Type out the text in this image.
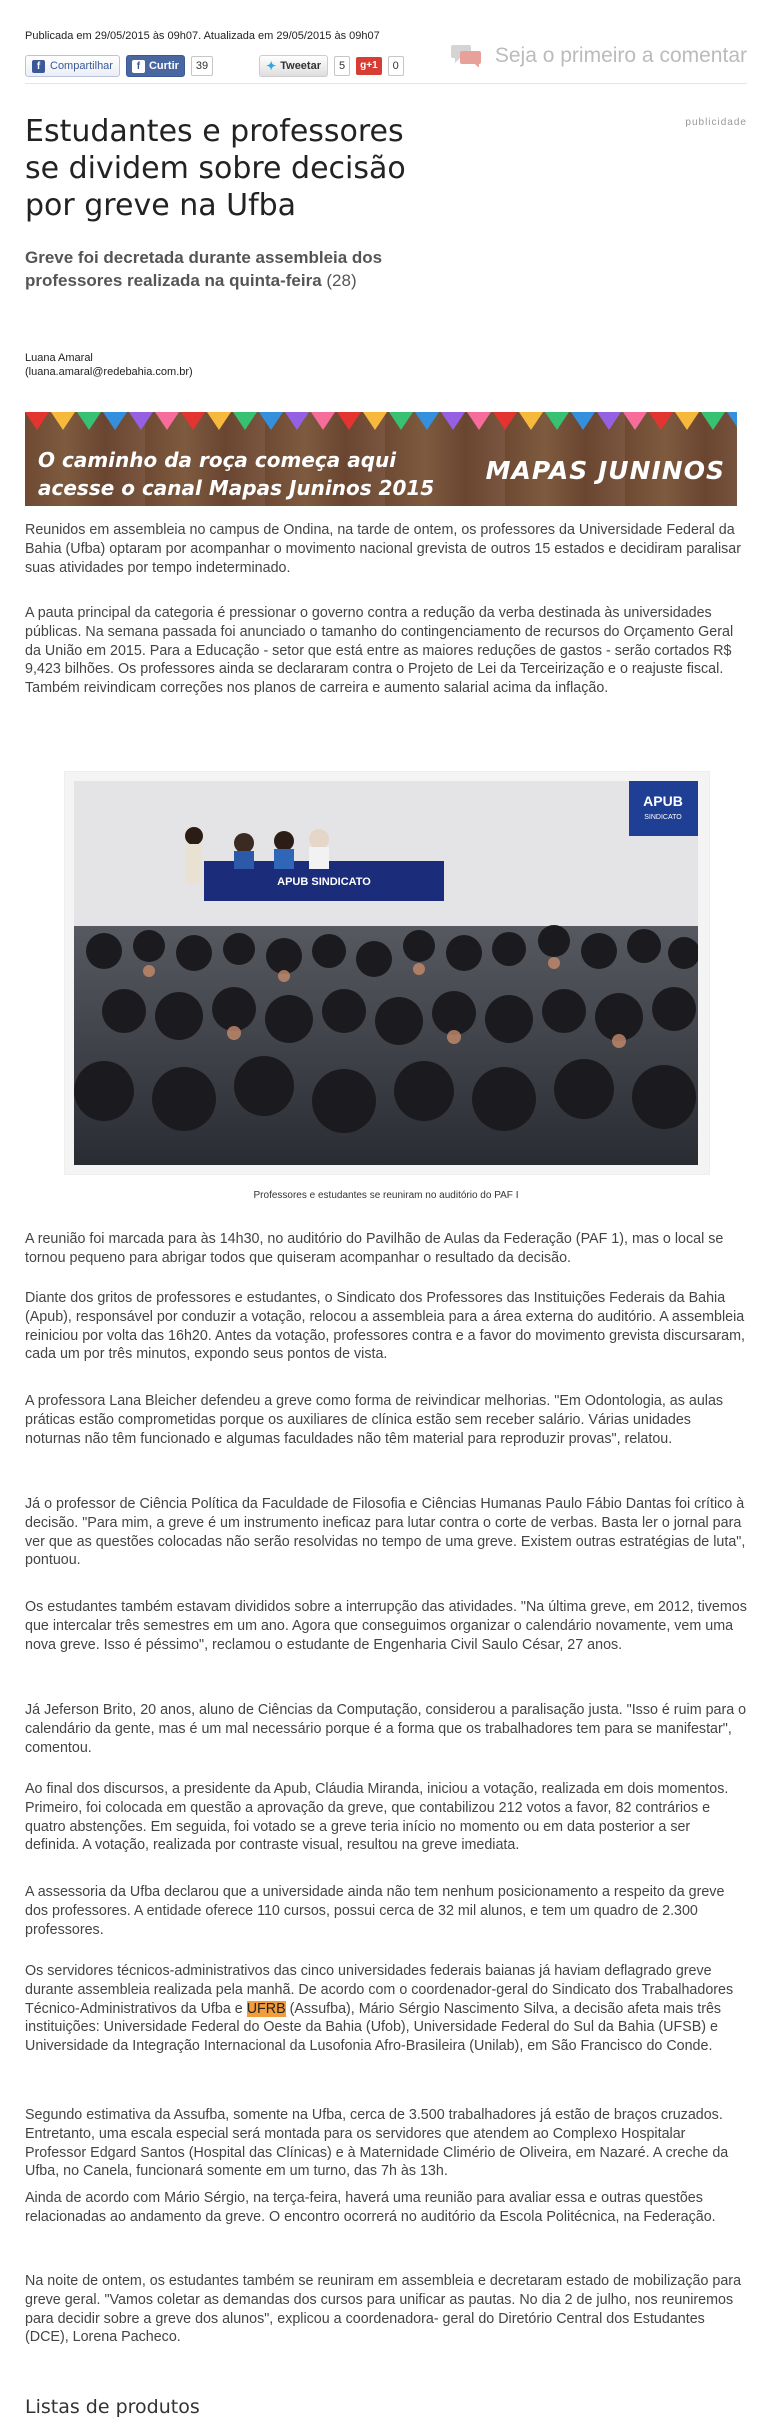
Publicada em 29/05/2015 às 09h07. Atualizada em 29/05/2015 às 09h07
f Compartilhar	f Curtir	39	✦ Tweetar	5	g+1	0	Seja o primeiro a comentar
publicidade
Estudantes e professores se dividem sobre decisão por greve na Ufba
Greve foi decretada durante assembleia dos professores realizada na quinta-feira (28)
Luana Amaral
(luana.amaral@redebahia.com.br)
O caminho da roça começa aqui
acesse o canal Mapas Juninos 2015
MAPAS JUNINOS

Reunidos em assembleia no campus de Ondina, na tarde de ontem, os professores da Universidade Federal da Bahia (Ufba) optaram por acompanhar o movimento nacional grevista de outros 15 estados e decidiram paralisar suas atividades por tempo indeterminado.

A pauta principal da categoria é pressionar o governo contra a redução da verba destinada às universidades públicas. Na semana passada foi anunciado o tamanho do contingenciamento de recursos do Orçamento Geral da União em 2015. Para a Educação - setor que está entre as maiores reduções de gastos - serão cortados R$ 9,423 bilhões. Os professores ainda se declararam contra o Projeto de Lei da Terceirização e o reajuste fiscal. Também reivindicam correções nos planos de carreira e aumento salarial acima da inflação.

APUB
SINDICATO
APUB SINDICATO
Professores e estudantes se reuniram no auditório do PAF I

A reunião foi marcada para às 14h30, no auditório do Pavilhão de Aulas da Federação (PAF 1), mas o local se tornou pequeno para abrigar todos que quiseram acompanhar o resultado da decisão.

Diante dos gritos de professores e estudantes, o Sindicato dos Professores das Instituições Federais da Bahia (Apub), responsável por conduzir a votação, relocou a assembleia para a área externa do auditório. A assembleia reiniciou por volta das 16h20. Antes da votação, professores contra e a favor do movimento grevista discursaram, cada um por três minutos, expondo seus pontos de vista.

A professora Lana Bleicher defendeu a greve como forma de reivindicar melhorias. "Em Odontologia, as aulas práticas estão comprometidas porque os auxiliares de clínica estão sem receber salário. Várias unidades noturnas não têm funcionado e algumas faculdades não têm material para reproduzir provas", relatou.

Já o professor de Ciência Política da Faculdade de Filosofia e Ciências Humanas Paulo Fábio Dantas foi crítico à decisão. "Para mim, a greve é um instrumento ineficaz para lutar contra o corte de verbas. Basta ler o jornal para ver que as questões colocadas não serão resolvidas no tempo de uma greve. Existem outras estratégias de luta", pontuou.

Os estudantes também estavam divididos sobre a interrupção das atividades. "Na última greve, em 2012, tivemos que intercalar três semestres em um ano. Agora que conseguimos organizar o calendário novamente, vem uma nova greve. Isso é péssimo", reclamou o estudante de Engenharia Civil Saulo César, 27 anos.

Já Jeferson Brito, 20 anos, aluno de Ciências da Computação, considerou a paralisação justa. "Isso é ruim para o calendário da gente, mas é um mal necessário porque é a forma que os trabalhadores tem para se manifestar", comentou.

Ao final dos discursos, a presidente da Apub, Cláudia Miranda, iniciou a votação, realizada em dois momentos. Primeiro, foi colocada em questão a aprovação da greve, que contabilizou 212 votos a favor, 82 contrários e quatro abstenções. Em seguida, foi votado se a greve teria início no momento ou em data posterior a ser definida. A votação, realizada por contraste visual, resultou na greve imediata.

A assessoria da Ufba declarou que a universidade ainda não tem nenhum posicionamento a respeito da greve dos professores. A entidade oferece 110 cursos, possui cerca de 32 mil alunos, e tem um quadro de 2.300 professores.

Os servidores técnicos-administrativos das cinco universidades federais baianas já haviam deflagrado greve durante assembleia realizada pela manhã. De acordo com o coordenador-geral do Sindicato dos Trabalhadores Técnico-Administrativos da Ufba e UFRB (Assufba), Mário Sérgio Nascimento Silva, a decisão afeta mais três instituições: Universidade Federal do Oeste da Bahia (Ufob), Universidade Federal do Sul da Bahia (UFSB) e Universidade da Integração Internacional da Lusofonia Afro-Brasileira (Unilab), em São Francisco do Conde.

Segundo estimativa da Assufba, somente na Ufba, cerca de 3.500 trabalhadores já estão de braços cruzados. Entretanto, uma escala especial será montada para os servidores que atendem ao Complexo Hospitalar Professor Edgard Santos (Hospital das Clínicas) e à Maternidade Climério de Oliveira, em Nazaré. A creche da Ufba, no Canela, funcionará somente em um turno, das 7h às 13h.

Ainda de acordo com Mário Sérgio, na terça-feira, haverá uma reunião para avaliar essa e outras questões relacionadas ao andamento da greve. O encontro ocorrerá no auditório da Escola Politécnica, na Federação.

Na noite de ontem, os estudantes também se reuniram em assembleia e decretaram estado de mobilização para greve geral. "Vamos coletar as demandas dos cursos para unificar as pautas. No dia 2 de julho, nos reuniremos para decidir sobre a greve dos alunos", explicou a coordenadora- geral do Diretório Central dos Estudantes (DCE), Lorena Pacheco.

Listas de produtos
